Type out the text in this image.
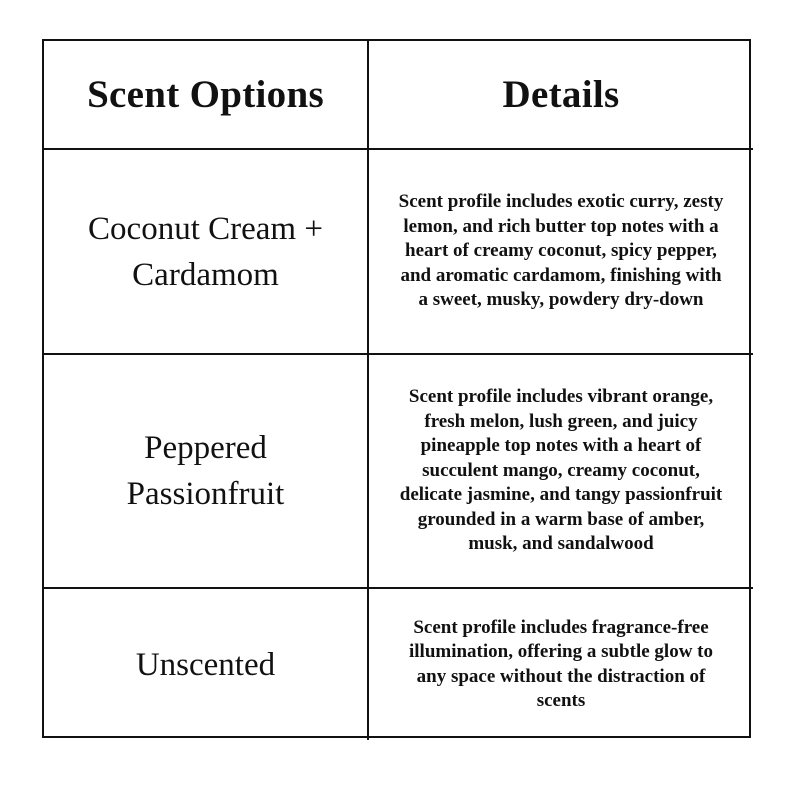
Scent Options	Details
Coconut Cream + Cardamom
Scent profile includes exotic curry, zesty lemon, and rich butter top notes with a heart of creamy coconut, spicy pepper, and aromatic cardamom, finishing with a sweet, musky, powdery dry-down
Peppered Passionfruit
Scent profile includes vibrant orange, fresh melon, lush green, and juicy pineapple top notes with a heart of succulent mango, creamy coconut, delicate jasmine, and tangy passionfruit grounded in a warm base of amber, musk, and sandalwood
Unscented
Scent profile includes fragrance-free illumination, offering a subtle glow to any space without the distraction of scents
